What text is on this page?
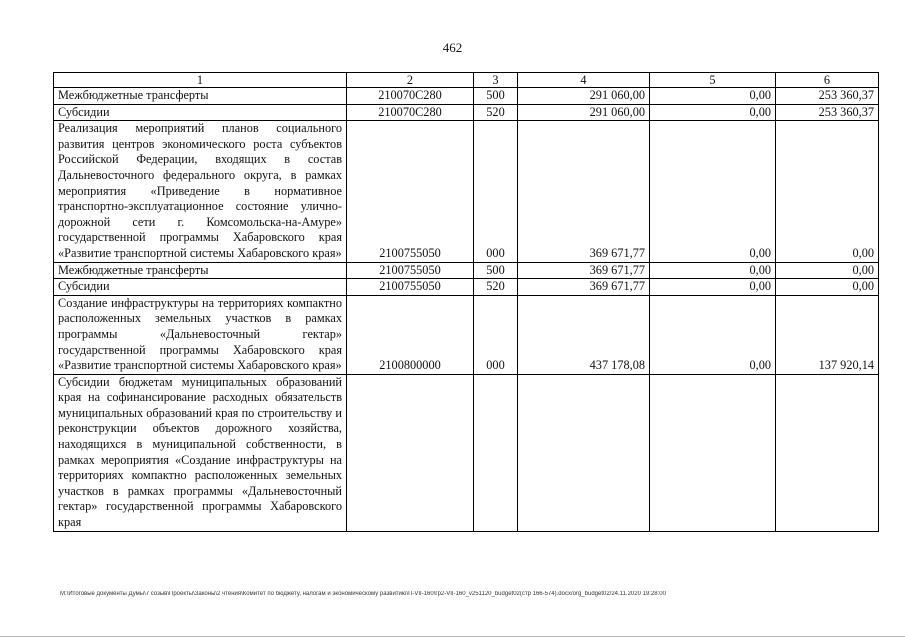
462
1	2	3	4	5	6
Межбюджетные трансферты	210070С280	500	291 060,00	0,00	253 360,37
Субсидии	210070С280	520	291 060,00	0,00	253 360,37
Реализация мероприятий планов социального развития центров экономического роста субъектов Российской Федерации, входящих в состав Дальневосточного федерального округа, в рамках мероприятия «Приведение в нормативное транспортно-эксплуатационное состояние улично-дорожной сети г. Комсомольска-на-Амуре» государственной программы Хабаровского края «Развитие транспортной системы Хабаровского края»	2100755050	000	369 671,77	0,00	0,00
Межбюджетные трансферты	2100755050	500	369 671,77	0,00	0,00
Субсидии	2100755050	520	369 671,77	0,00	0,00
Создание инфраструктуры на территориях компактно расположенных земельных участков в рамках программы «Дальневосточный гектар» государственной программы Хабаровского края «Развитие транспортной системы Хабаровского края»	2100800000	000	437 178,08	0,00	137 920,14
Субсидии бюджетам муниципальных образований края на софинансирование расходных обязательств муниципальных образований края по строительству и реконструкции объектов дорожного хозяйства, находящихся в муниципальной собственности, в рамках мероприятия «Создание инфраструктуры на территориях компактно расположенных земельных участков в рамках программы «Дальневосточный гектар» государственной программы Хабаровского края					
M:\Итоговые документы Думы\7 созыв\Проекты\Законы\2 чтения\Комитет по бюджету, налогам и экономическому развитию\П-VII-160\гр2-VII-160_v251120_budget02(стр 166-574).docx/org_budget02/24.11.2020 19:28:00
